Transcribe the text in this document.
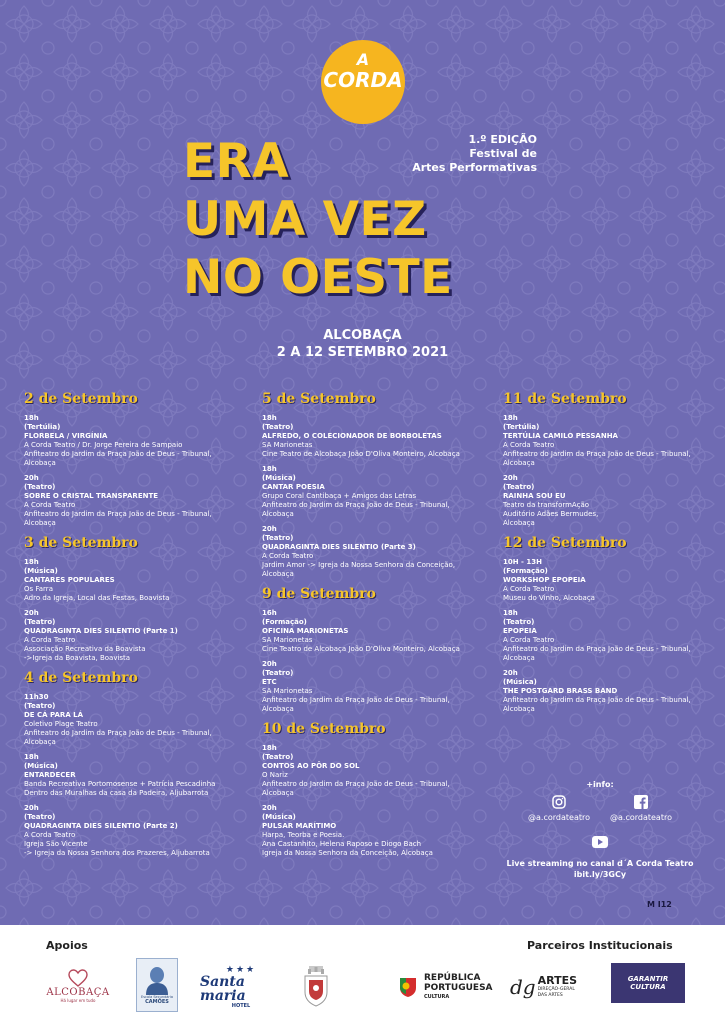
A
CORDA
ERA
UMA VEZ
NO OESTE
1.º EDIÇÃO
Festival de
Artes Performativas
ALCOBAÇA
2 A 12 SETEMBRO 2021
2 de Setembro
18h
(Tertúlia)
FLORBELA / VIRGÍNIA
A Corda Teatro / Dr. Jorge Pereira de Sampaio
Anfiteatro do Jardim da Praça João de Deus - Tribunal,
Alcobaça
20h
(Teatro)
SOBRE O CRISTAL TRANSPARENTE
A Corda Teatro
Anfiteatro do Jardim da Praça João de Deus - Tribunal,
Alcobaça
3 de Setembro
18h
(Música)
CANTARES POPULARES
Os Farra
Adro da Igreja, Local das Festas, Boavista
20h
(Teatro)
QUADRAGINTA DIES SILENTIO (Parte 1)
A Corda Teatro
Associação Recreativa da Boavista
->Igreja da Boavista, Boavista
4 de Setembro
11h30
(Teatro)
DE CÁ PARA LÁ
Coletivo Plage Teatro
Anfiteatro do Jardim da Praça João de Deus - Tribunal,
Alcobaça
18h
(Música)
ENTARDECER
Banda Recreativa Portomosense + Patrícia Pescadinha
Dentro das Muralhas da casa da Padeira, Aljubarrota
20h
(Teatro)
QUADRAGINTA DIES SILENTIO (Parte 2)
A Corda Teatro
Igreja São Vicente
-> Igreja da Nossa Senhora dos Prazeres, Aljubarrota
5 de Setembro
18h
(Teatro)
ALFREDO, O COLECIONADOR DE BORBOLETAS
SA Marionetas
Cine Teatro de Alcobaça João D'Oliva Monteiro, Alcobaça
18h
(Música)
CANTAR POESIA
Grupo Coral Cantibaça + Amigos das Letras
Anfiteatro do Jardim da Praça João de Deus - Tribunal,
Alcobaça
20h
(Teatro)
QUADRAGINTA DIES SILENTIO (Parte 3)
A Corda Teatro
Jardim Amor -> Igreja da Nossa Senhora da Conceição,
Alcobaça
9 de Setembro
16h
(Formação)
OFICINA MARIONETAS
SA Marionetas
Cine Teatro de Alcobaça João D'Oliva Monteiro, Alcobaça
20h
(Teatro)
ETC
SA Marionetas
Anfiteatro do Jardim da Praça João de Deus - Tribunal,
Alcobaça
10 de Setembro
18h
(Teatro)
CONTOS AO PÔR DO SOL
O Nariz
Anfiteatro do Jardim da Praça João de Deus - Tribunal,
Alcobaça
20h
(Música)
PULSAR MARÍTIMO
Harpa, Teorba e Poesia.
Ana Castanhito, Helena Raposo e Diogo Bach
Igreja da Nossa Senhora da Conceição, Alcobaça
11 de Setembro
18h
(Tertúlia)
TERTÚLIA CAMILO PESSANHA
A Corda Teatro
Anfiteatro do Jardim da Praça João de Deus - Tribunal,
Alcobaça
20h
(Teatro)
RAINHA SOU EU
Teatro da transformAção
Auditório Adães Bermudes,
Alcobaça
12 de Setembro
10H - 13H
(Formação)
WORKSHOP EPOPEIA
A Corda Teatro
Museu do Vinho, Alcobaça
18h
(Teatro)
EPOPEIA
A Corda Teatro
Anfiteatro do Jardim da Praça João de Deus - Tribunal,
Alcobaça
20h
(Música)
THE POSTGARD BRASS BAND
Anfiteatro do Jardim da Praça João de Deus - Tribunal,
Alcobaça
+info:
@a.cordateatro	@a.cordateatro
Live streaming no canal d´A Corda Teatro
ibit.ly/3GCy
M I12
Apoios	Parceiros Institucionais
ALCOBAÇA
Há lugar em tudo
Escola Secundária
CAMÕES
★★★
Santa maria
HOTEL
REPÚBLICA
PORTUGUESA
CULTURA	dg ARTES
DIREÇÃO-GERAL
DAS ARTES
GARANTIR
CULTURA
